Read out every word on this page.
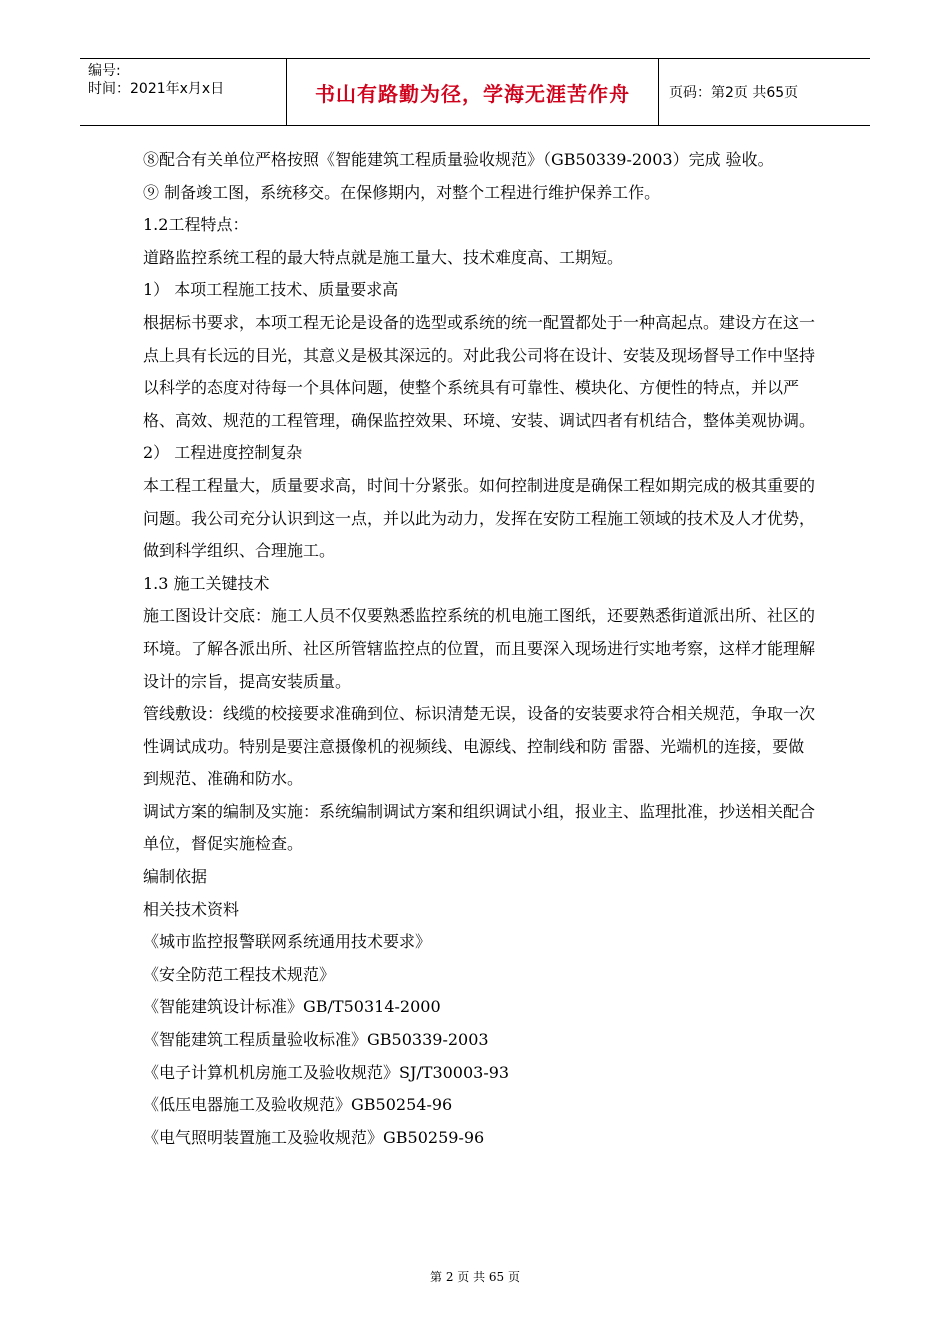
编号:
时间：2021年x月x日	书山有路勤为径，学海无涯苦作舟	页码：第2页 共65页

⑧配合有关单位严格按照《智能建筑工程质量验收规范》（GB50339-2003）完成 验收。

⑨ 制备竣工图，系统移交。在保修期内，对整个工程进行维护保养工作。

1.2工程特点：

道路监控系统工程的最大特点就是施工量大、技术难度高、工期短。

1） 本项工程施工技术、质量要求高

根据标书要求，本项工程无论是设备的选型或系统的统一配置都处于一种高起点。建设方在这一点上具有长远的目光，其意义是极其深远的。对此我公司将在设计、安装及现场督导工作中坚持以科学的态度对待每一个具体问题，使整个系统具有可靠性、模块化、方便性的特点，并以严格、高效、规范的工程管理，确保监控效果、环境、安装、调试四者有机结合，整体美观协调。

2） 工程进度控制复杂

本工程工程量大，质量要求高，时间十分紧张。如何控制进度是确保工程如期完成的极其重要的问题。我公司充分认识到这一点，并以此为动力，发挥在安防工程施工领域的技术及人才优势，做到科学组织、合理施工。

1.3 施工关键技术

施工图设计交底：施工人员不仅要熟悉监控系统的机电施工图纸，还要熟悉街道派出所、社区的环境。了解各派出所、社区所管辖监控点的位置，而且要深入现场进行实地考察，这样才能理解设计的宗旨，提高安装质量。

管线敷设：线缆的校接要求准确到位、标识清楚无误，设备的安装要求符合相关规范，争取一次性调试成功。特别是要注意摄像机的视频线、电源线、控制线和防 雷器、光端机的连接，要做到规范、准确和防水。

调试方案的编制及实施：系统编制调试方案和组织调试小组，报业主、监理批准，抄送相关配合单位，督促实施检查。

编制依据

相关技术资料

《城市监控报警联网系统通用技术要求》

《安全防范工程技术规范》

《智能建筑设计标准》GB/T50314-2000

《智能建筑工程质量验收标准》GB50339-2003

《电子计算机机房施工及验收规范》SJ/T30003-93

《低压电器施工及验收规范》GB50254-96

《电气照明装置施工及验收规范》GB50259-96

第 2 页 共 65 页
